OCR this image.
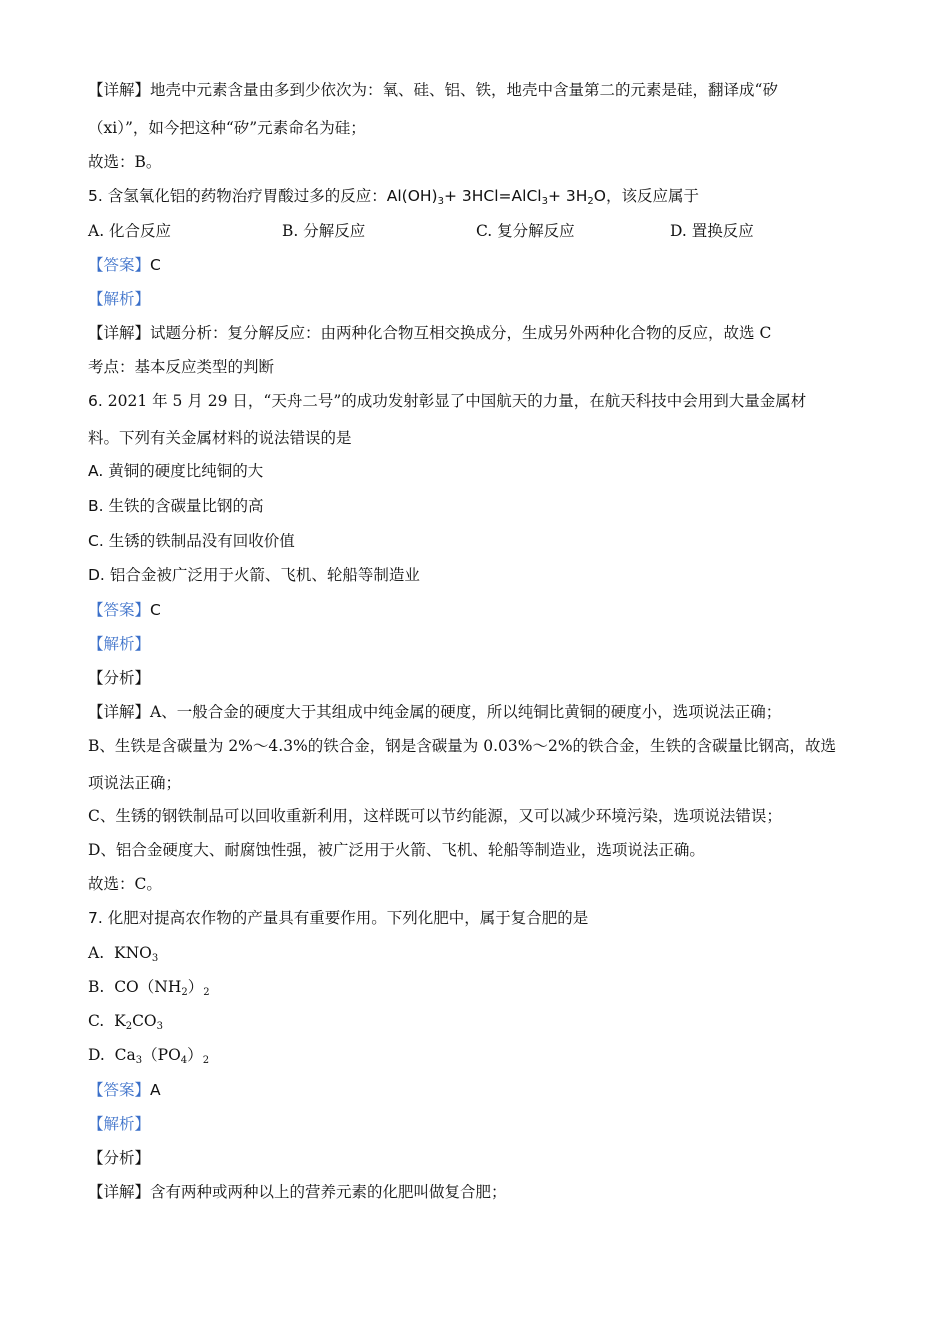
【详解】地壳中元素含量由多到少依次为：氧、硅、铝、铁，地壳中含量第二的元素是硅，翻译成“矽
（xi）”，如今把这种“矽”元素命名为硅；
故选：B。
5. 含氢氧化铝的药物治疗胃酸过多的反应：$Al(OH)_3+$ 3HCl=AlCl$_3$+ $3H_2O$，该反应属于
A. 化合反应	B. 分解反应	C. 复分解反应	D. 置换反应
【答案】C
【解析】
【详解】试题分析：复分解反应：由两种化合物互相交换成分，生成另外两种化合物的反应，故选 C
考点：基本反应类型的判断
6. 2021 年 5 月 29 日，“天舟二号”的成功发射彰显了中国航天的力量，在航天科技中会用到大量金属材
料。下列有关金属材料的说法错误的是
A. 黄铜的硬度比纯铜的大
B. 生铁的含碳量比钢的高
C. 生锈的铁制品没有回收价值
D. 铝合金被广泛用于火箭、飞机、轮船等制造业
【答案】C
【解析】
【分析】
【详解】A、一般合金的硬度大于其组成中纯金属的硬度，所以纯铜比黄铜的硬度小，选项说法正确；
B、生铁是含碳量为 2%～4.3%的铁合金，钢是含碳量为 0.03%～2%的铁合金，生铁的含碳量比钢高，故选
项说法正确；
C、生锈的钢铁制品可以回收重新利用，这样既可以节约能源，又可以减少环境污染，选项说法错误；
D、铝合金硬度大、耐腐蚀性强，被广泛用于火箭、飞机、轮船等制造业，选项说法正确。
故选：C。
7. 化肥对提高农作物的产量具有重要作用。下列化肥中，属于复合肥的是
A. $KNO_3$
B. $CO(NH_2)_2$
C. $K_2CO_3$
D. $Ca_3(PO_4)_2$
【答案】A
【解析】
【分析】
【详解】含有两种或两种以上的营养元素的化肥叫做复合肥；
